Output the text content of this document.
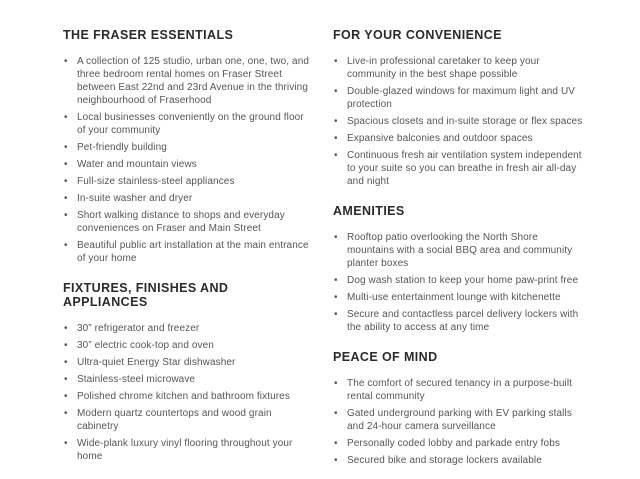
THE FRASER ESSENTIALS
• A collection of 125 studio, urban one, one, two, and three bedroom rental homes on Fraser Street between East 22nd and 23rd Avenue in the thriving neighbourhood of Fraserhood
• Local businesses conveniently on the ground floor of your community
• Pet-friendly building
• Water and mountain views
• Full-size stainless-steel appliances
• In-suite washer and dryer
• Short walking distance to shops and everyday conveniences on Fraser and Main Street
• Beautiful public art installation at the main entrance of your home
FIXTURES, FINISHES AND APPLIANCES
• 30” refrigerator and freezer
• 30” electric cook-top and oven
• Ultra-quiet Energy Star dishwasher
• Stainless-steel microwave
• Polished chrome kitchen and bathroom fixtures
• Modern quartz countertops and wood grain cabinetry
• Wide-plank luxury vinyl flooring throughout your home
FOR YOUR CONVENIENCE
• Live-in professional caretaker to keep your community in the best shape possible
• Double-glazed windows for maximum light and UV protection
• Spacious closets and in-suite storage or flex spaces
• Expansive balconies and outdoor spaces
• Continuous fresh air ventilation system independent to your suite so you can breathe in fresh air all-day and night
AMENITIES
• Rooftop patio overlooking the North Shore mountains with a social BBQ area and community planter boxes
• Dog wash station to keep your home paw-print free
• Multi-use entertainment lounge with kitchenette
• Secure and contactless parcel delivery lockers with the ability to access at any time
PEACE OF MIND
• The comfort of secured tenancy in a purpose-built rental community
• Gated underground parking with EV parking stalls and 24-hour camera surveillance
• Personally coded lobby and parkade entry fobs
• Secured bike and storage lockers available
